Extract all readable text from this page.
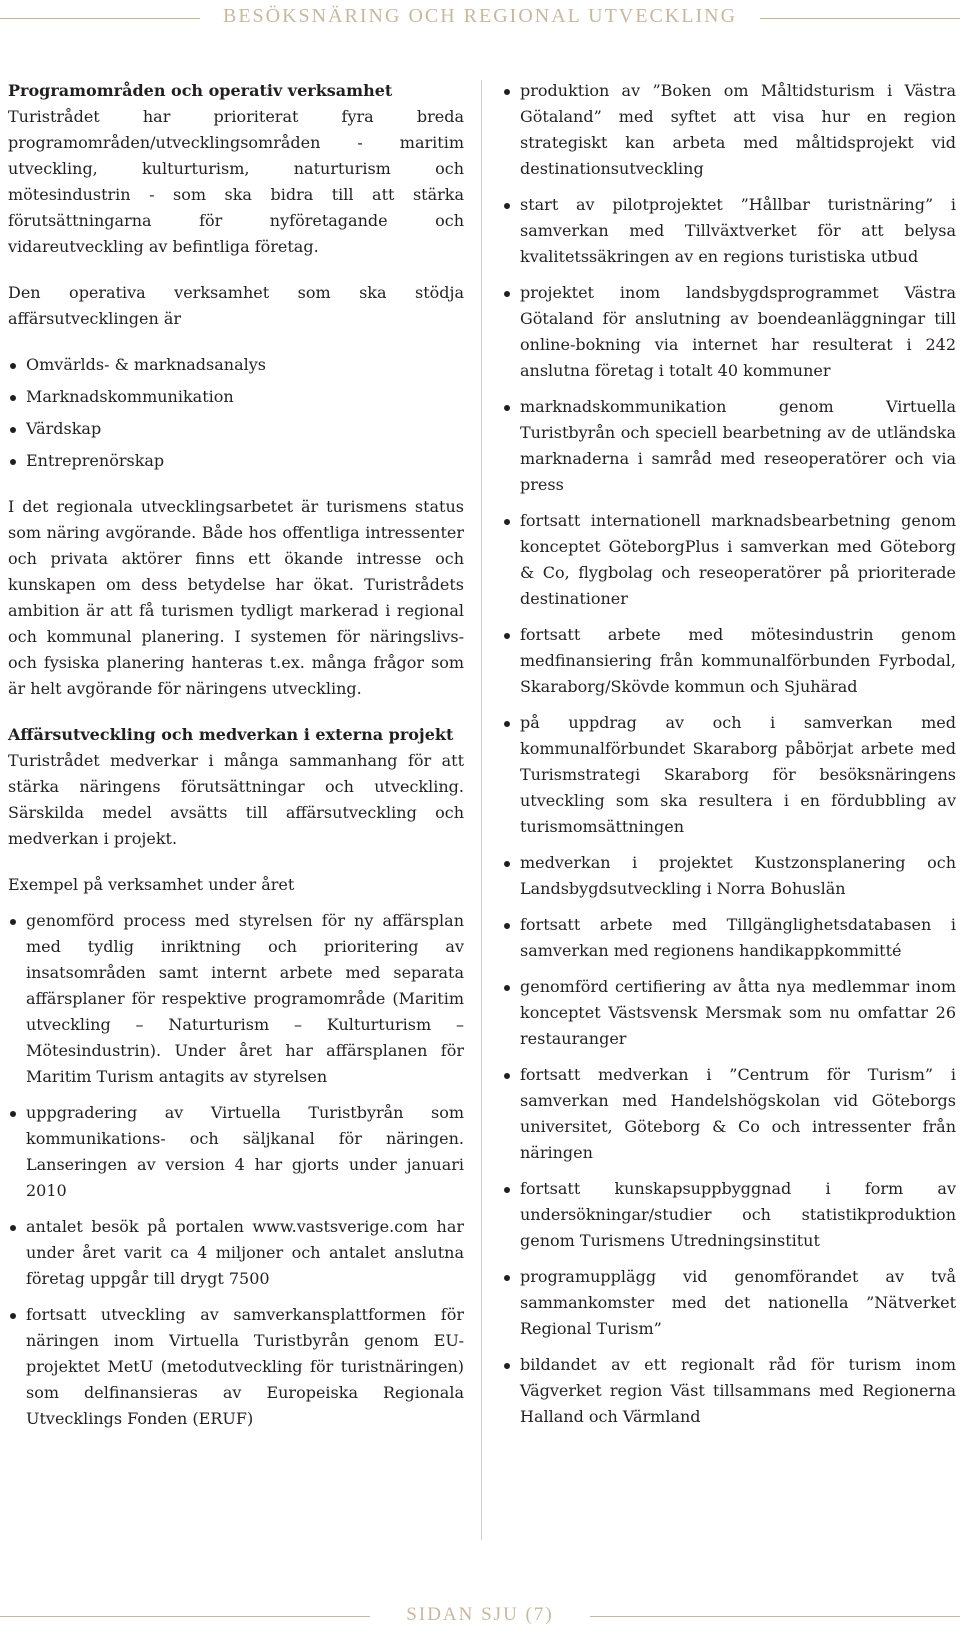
BESÖKSNÄRING OCH REGIONAL UTVECKLING

Programområden och operativ verksamhet
Turistrådet har prioriterat fyra breda programområden/utvecklingsområden - maritim utveckling, kulturturism, naturturism och mötesindustrin - som ska bidra till att stärka förutsättningarna för nyföretagande och vidareutveckling av befintliga företag.

Den operativa verksamhet som ska stödja affärsutvecklingen är

Omvärlds- & marknadsanalys
Marknadskommunikation
Värdskap
Entreprenörskap

I det regionala utvecklingsarbetet är turismens status som näring avgörande. Både hos offentliga intressenter och privata aktörer finns ett ökande intresse och kunskapen om dess betydelse har ökat. Turistrådets ambition är att få turismen tydligt markerad i regional och kommunal planering. I systemen för näringslivs- och fysiska planering hanteras t.ex. många frågor som är helt avgörande för näringens utveckling.

Affärsutveckling och medverkan i externa projekt
Turistrådet medverkar i många sammanhang för att stärka näringens förutsättningar och utveckling. Särskilda medel avsätts till affärsutveckling och medverkan i projekt.

Exempel på verksamhet under året

genomförd process med styrelsen för ny affärsplan med tydlig inriktning och prioritering av insatsområden samt internt arbete med separata affärsplaner för respektive programområde (Maritim utveckling – Naturturism – Kulturturism – Mötesindustrin). Under året har affärsplanen för Maritim Turism antagits av styrelsen
uppgradering av Virtuella Turistbyrån som kommunikations- och säljkanal för näringen. Lanseringen av version 4 har gjorts under januari 2010
antalet besök på portalen www.vastsverige.com har under året varit ca 4 miljoner och antalet anslutna företag uppgår till drygt 7500
fortsatt utveckling av samverkansplattformen för näringen inom Virtuella Turistbyrån genom EU-projektet MetU (metodutveckling för turistnäringen) som delfinansieras av Europeiska Regionala Utvecklings Fonden (ERUF)
produktion av ”Boken om Måltidsturism i Västra Götaland” med syftet att visa hur en region strategiskt kan arbeta med måltidsprojekt vid destinationsutveckling
start av pilotprojektet ”Hållbar turistnäring” i samverkan med Tillväxtverket för att belysa kvalitetssäkringen av en regions turistiska utbud
projektet inom landsbygdsprogrammet Västra Götaland för anslutning av boendeanläggningar till online-bokning via internet har resulterat i 242 anslutna företag i totalt 40 kommuner
marknadskommunikation genom Virtuella Turistbyrån och speciell bearbetning av de utländska marknaderna i samråd med reseoperatörer och via press
fortsatt internationell marknadsbearbetning genom konceptet GöteborgPlus i samverkan med Göteborg & Co, flygbolag och reseoperatörer på prioriterade destinationer
fortsatt arbete med mötesindustrin genom medfinansiering från kommunalförbunden Fyrbodal, Skaraborg/Skövde kommun och Sjuhärad
på uppdrag av och i samverkan med kommunalförbundet Skaraborg påbörjat arbete med Turismstrategi Skaraborg för besöksnäringens utveckling som ska resultera i en fördubbling av turismomsättningen
medverkan i projektet Kustzonsplanering och Landsbygdsutveckling i Norra Bohuslän
fortsatt arbete med Tillgänglighetsdatabasen i samverkan med regionens handikappkommitté
genomförd certifiering av åtta nya medlemmar inom konceptet Västsvensk Mersmak som nu omfattar 26 restauranger
fortsatt medverkan i ”Centrum för Turism” i samverkan med Handelshögskolan vid Göteborgs universitet, Göteborg & Co och intressenter från näringen
fortsatt kunskapsuppbyggnad i form av undersökningar/studier och statistikproduktion genom Turismens Utredningsinstitut
programupplägg vid genomförandet av två sammankomster med det nationella ”Nätverket Regional Turism”
bildandet av ett regionalt råd för turism inom Vägverket region Väst tillsammans med Regionerna Halland och Värmland
SIDAN SJU (7)
